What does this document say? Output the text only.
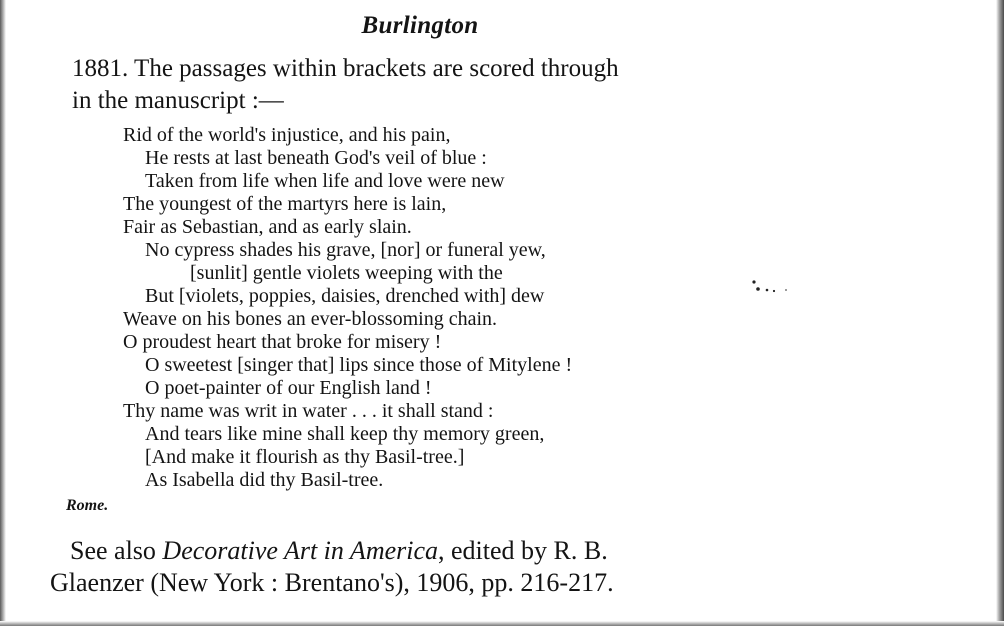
Burlington
1881. The passages within brackets are scored through
in the manuscript :—
Rid of the world's injustice, and his pain,
He rests at last beneath God's veil of blue :
Taken from life when life and love were new
The youngest of the martyrs here is lain,
Fair as Sebastian, and as early slain.
No cypress shades his grave, [nor] or funeral yew,
[sunlit] gentle violets weeping with the
But [violets, poppies, daisies, drenched with] dew
Weave on his bones an ever-blossoming chain.
O proudest heart that broke for misery !
O sweetest [singer that] lips since those of Mitylene !
O poet-painter of our English land !
Thy name was writ in water . . . it shall stand :
And tears like mine shall keep thy memory green,
[And make it flourish as thy Basil-tree.]
As Isabella did thy Basil-tree.
Rome.
See also Decorative Art in America, edited by R. B.
Glaenzer (New York : Brentano's), 1906, pp. 216-217.
